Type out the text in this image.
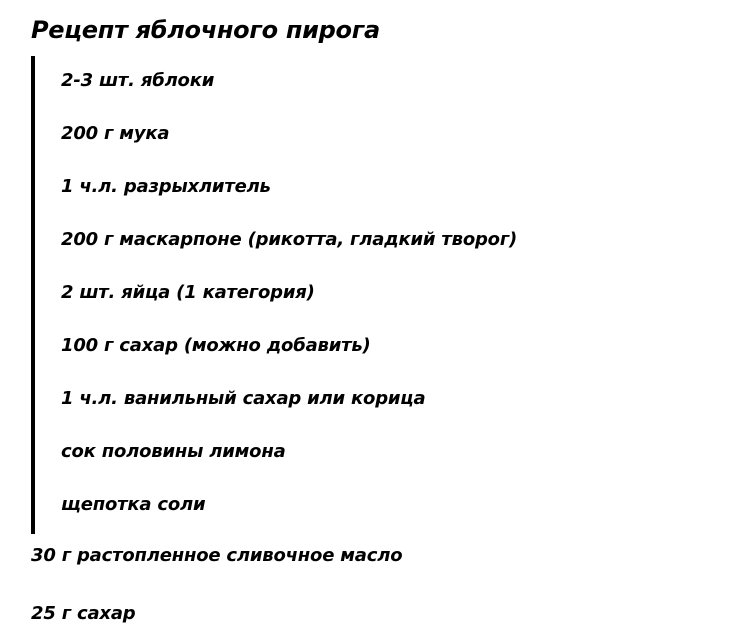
Рецепт яблочного пирога
2-3 шт. яблоки
200 г мука
1 ч.л. разрыхлитель
200 г маскарпоне (рикотта, гладкий творог)
2 шт. яйца (1 категория)
100 г сахар (можно добавить)
1 ч.л. ванильный сахар или корица
сок половины лимона
щепотка соли
30 г растопленное сливочное масло
25 г сахар
